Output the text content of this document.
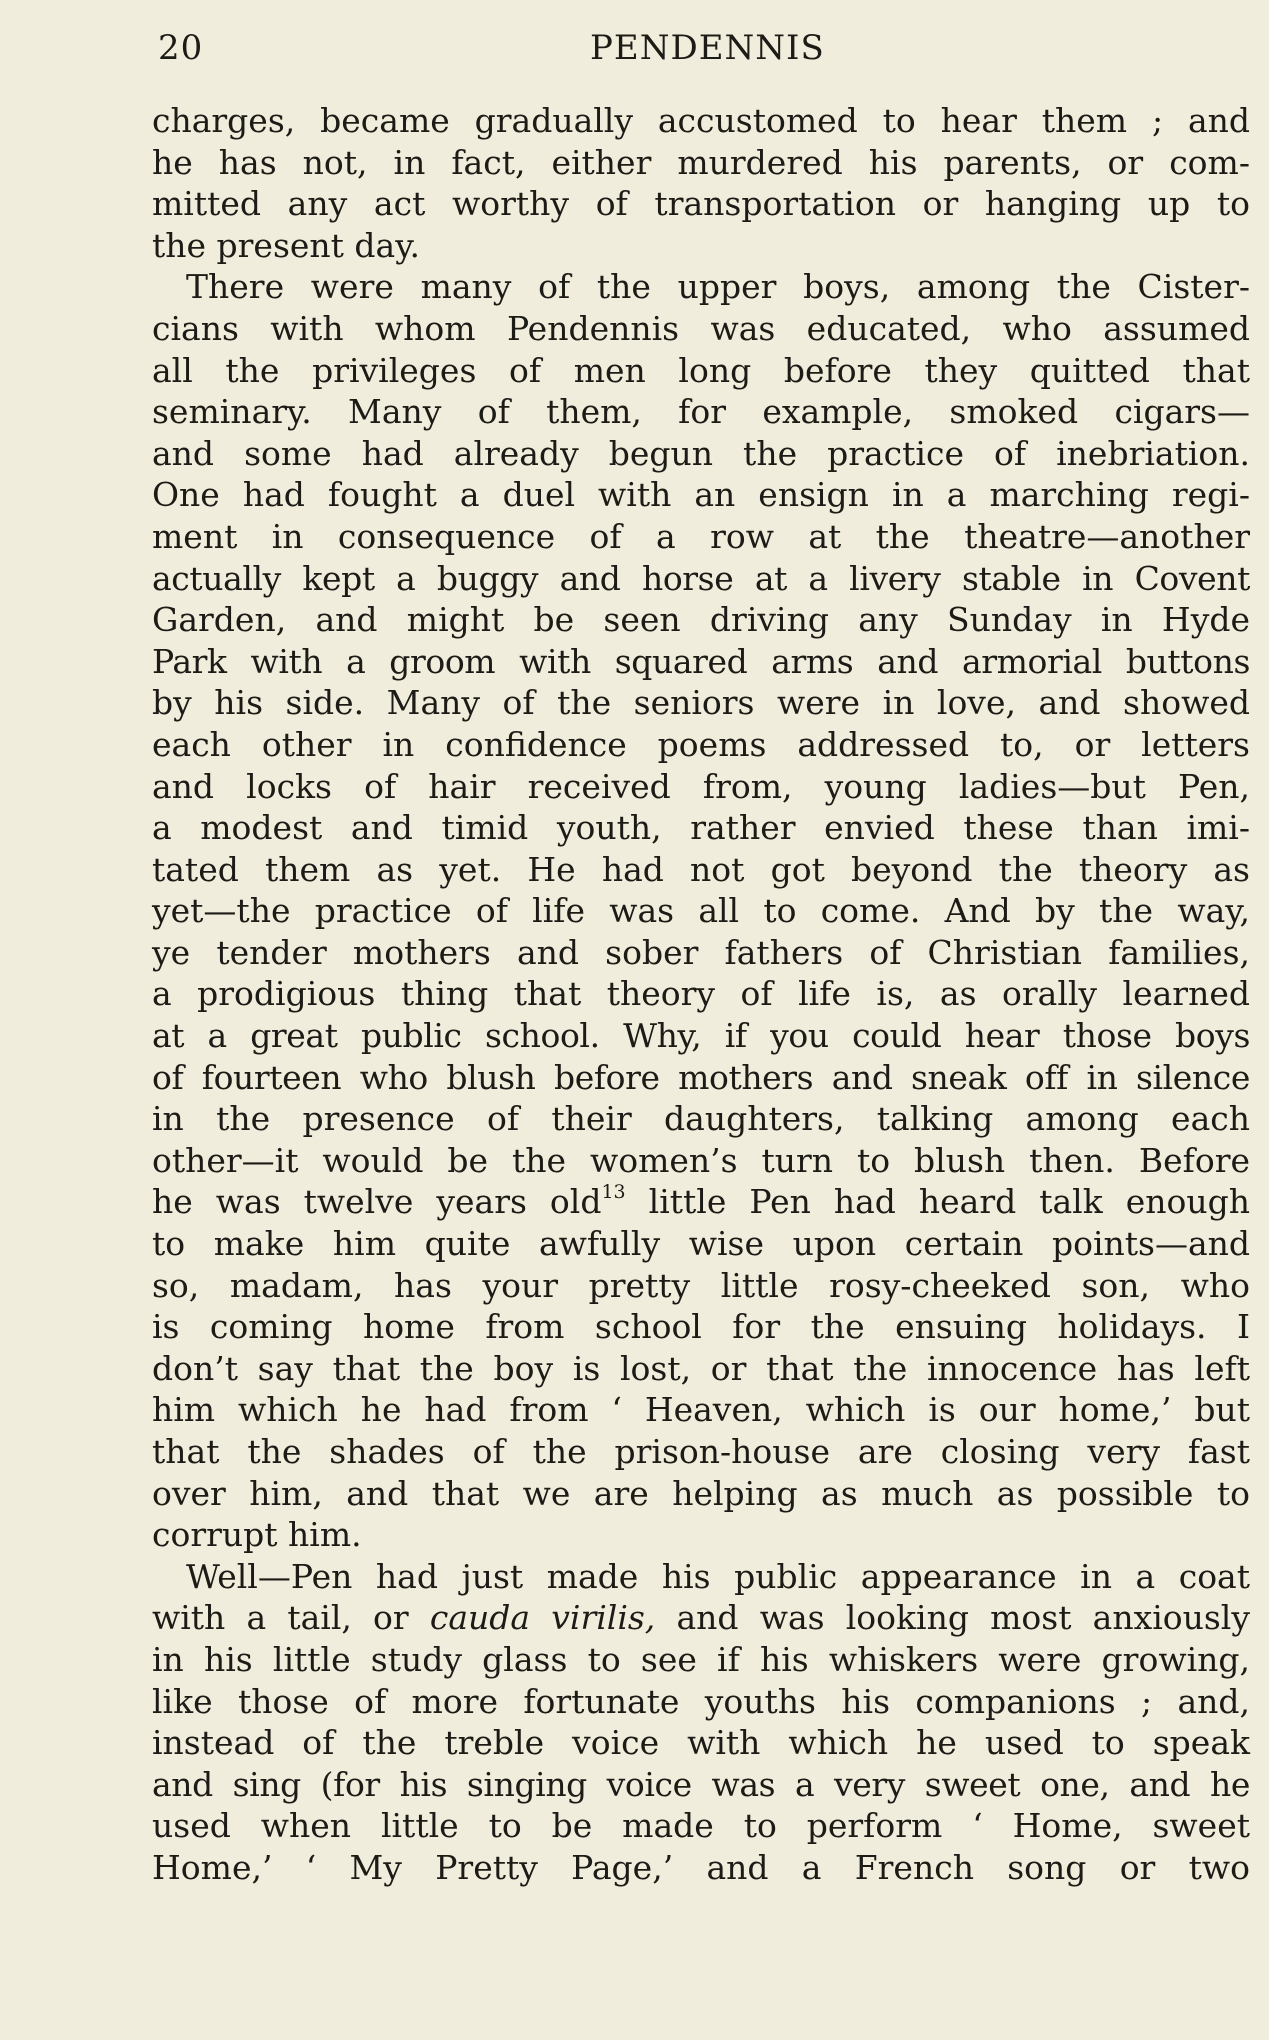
20	PENDENNIS
charges, became gradually accustomed to hear them ; and
he has not, in fact, either murdered his parents, or com-
mitted any act worthy of transportation or hanging up to
the present day.
There were many of the upper boys, among the Cister-
cians with whom Pendennis was educated, who assumed
all the privileges of men long before they quitted that
seminary. Many of them, for example, smoked cigars—
and some had already begun the practice of inebriation.
One had fought a duel with an ensign in a marching regi-
ment in consequence of a row at the theatre—another
actually kept a buggy and horse at a livery stable in Covent
Garden, and might be seen driving any Sunday in Hyde
Park with a groom with squared arms and armorial buttons
by his side. Many of the seniors were in love, and showed
each other in confidence poems addressed to, or letters
and locks of hair received from, young ladies—but Pen,
a modest and timid youth, rather envied these than imi-
tated them as yet. He had not got beyond the theory as
yet—the practice of life was all to come. And by the way,
ye tender mothers and sober fathers of Christian families,
a prodigious thing that theory of life is, as orally learned
at a great public school. Why, if you could hear those boys
of fourteen who blush before mothers and sneak off in silence
in the presence of their daughters, talking among each
other—it would be the women’s turn to blush then. Before
he was twelve years old$^{13}$ little Pen had heard talk enough
to make him quite awfully wise upon certain points—and
so, madam, has your pretty little rosy-cheeked son, who
is coming home from school for the ensuing holidays. I
don’t say that the boy is lost, or that the innocence has left
him which he had from ‘ Heaven, which is our home,’ but
that the shades of the prison-house are closing very fast
over him, and that we are helping as much as possible to
corrupt him.
Well—Pen had just made his public appearance in a coat
with a tail, or cauda virilis, and was looking most anxiously
in his little study glass to see if his whiskers were growing,
like those of more fortunate youths his companions ; and,
instead of the treble voice with which he used to speak
and sing (for his singing voice was a very sweet one, and he
used when little to be made to perform ‘ Home, sweet
Home,’ ‘ My Pretty Page,’ and a French song or two
